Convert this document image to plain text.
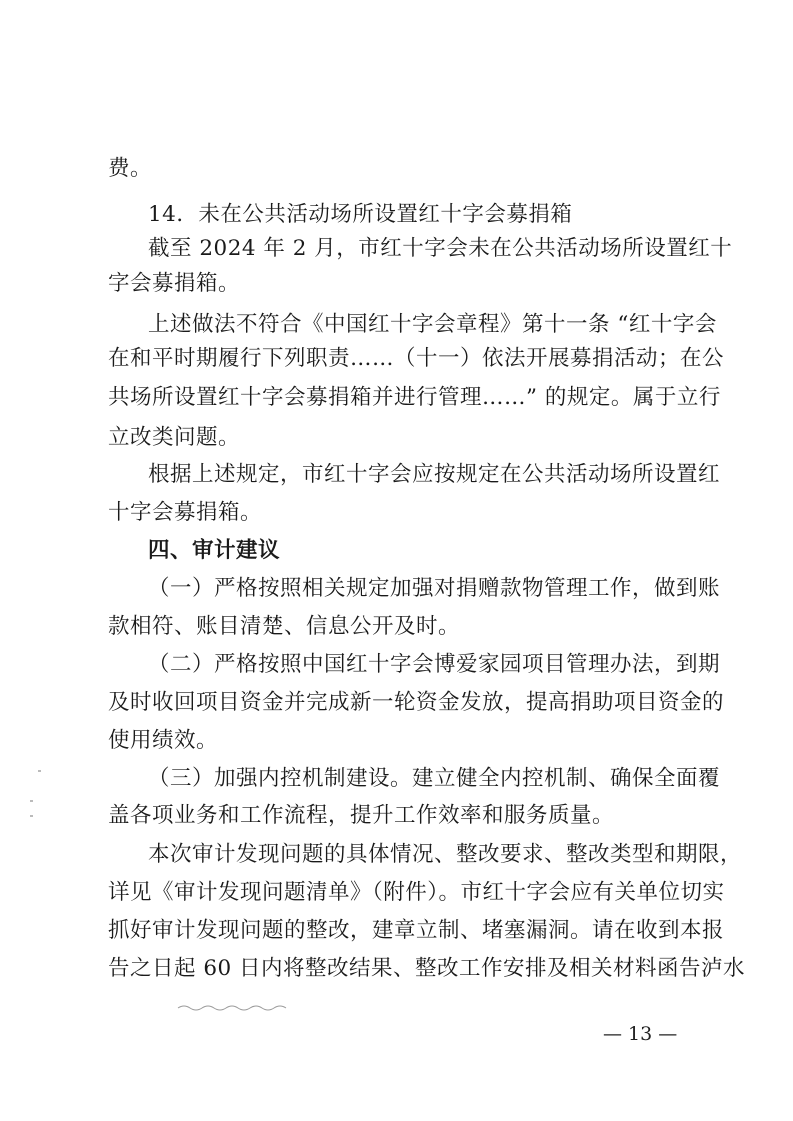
费。
14．未在公共活动场所设置红十字会募捐箱
截至 2024 年 2 月，市红十字会未在公共活动场所设置红十
字会募捐箱。
上述做法不符合《中国红十字会章程》第十一条 “红十字会
在和平时期履行下列职责……（十一）依法开展募捐活动；在公
共场所设置红十字会募捐箱并进行管理……” 的规定。属于立行
立改类问题。
根据上述规定，市红十字会应按规定在公共活动场所设置红
十字会募捐箱。
四、审计建议
（一）严格按照相关规定加强对捐赠款物管理工作，做到账
款相符、账目清楚、信息公开及时。
（二）严格按照中国红十字会博爱家园项目管理办法，到期
及时收回项目资金并完成新一轮资金发放，提高捐助项目资金的
使用绩效。
（三）加强内控机制建设。建立健全内控机制、确保全面覆
盖各项业务和工作流程，提升工作效率和服务质量。
本次审计发现问题的具体情况、整改要求、整改类型和期限，
详见《审计发现问题清单》（附件）。市红十字会应有关单位切实
抓好审计发现问题的整改，建章立制、堵塞漏洞。请在收到本报
告之日起 60 日内将整改结果、整改工作安排及相关材料函告泸水
— 13 —
